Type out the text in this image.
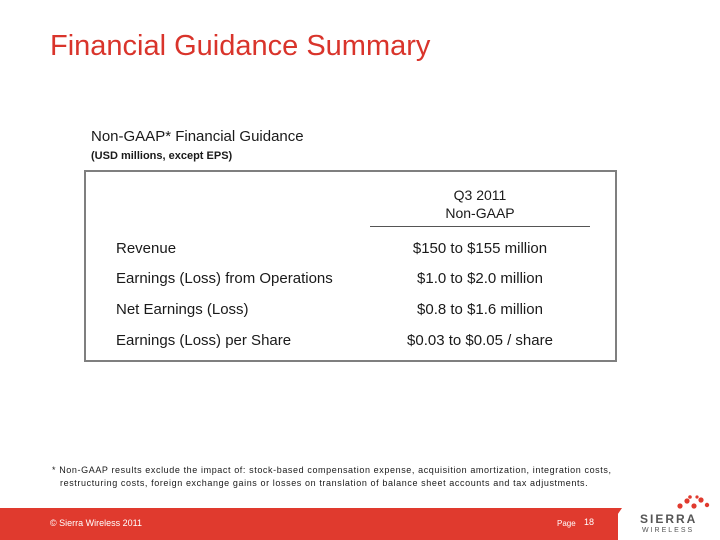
Financial Guidance Summary
Non-GAAP* Financial Guidance
(USD millions, except EPS)
Q3 2011
Non-GAAP
Revenue	$150 to $155 million
Earnings (Loss) from Operations	$1.0 to $2.0 million
Net Earnings (Loss)	$0.8 to $1.6 million
Earnings (Loss) per Share	$0.03 to $0.05 / share
* Non-GAAP results exclude the impact of: stock-based compensation expense, acquisition amortization, integration costs,
restructuring costs, foreign exchange gains or losses on translation of balance sheet accounts and tax adjustments.
© Sierra Wireless 2011	Page 18	SIERRA
WIRELESS
